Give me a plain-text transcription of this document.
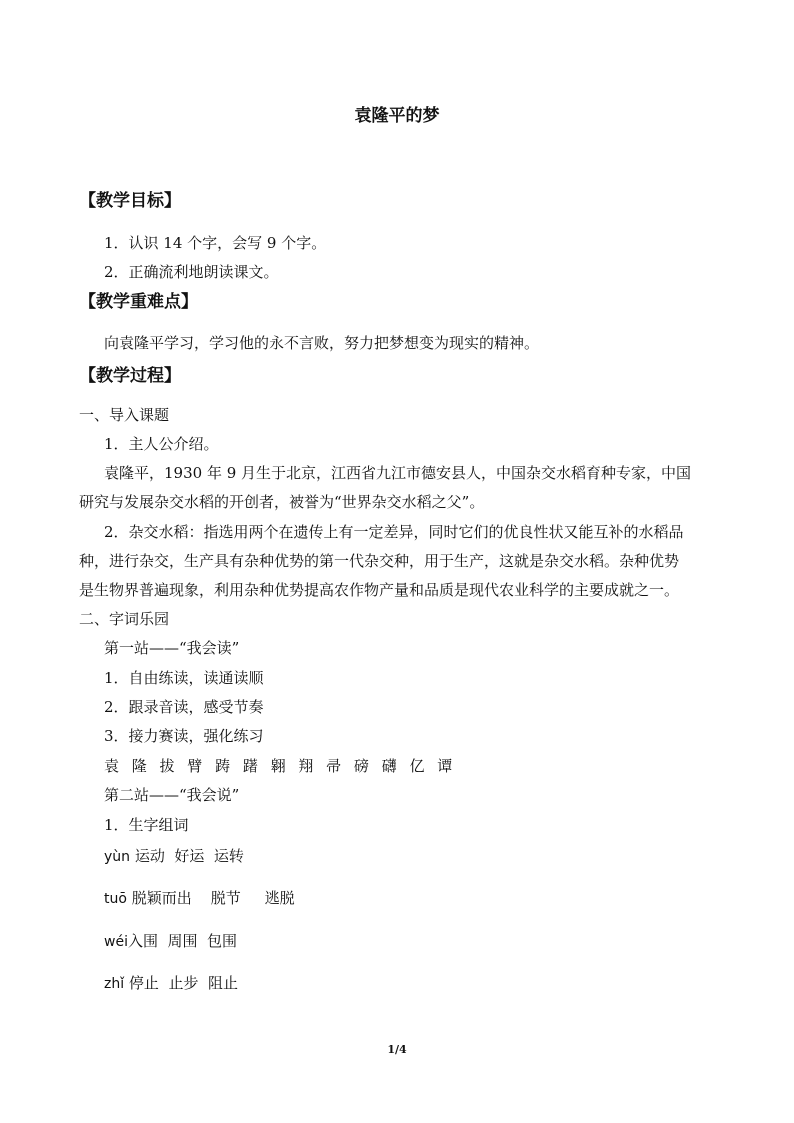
袁隆平的梦
【教学目标】
1．认识 14 个字，会写 9 个字。
2．正确流利地朗读课文。
【教学重难点】
向袁隆平学习，学习他的永不言败，努力把梦想变为现实的精神。
【教学过程】
一、导入课题
1．主人公介绍。
袁隆平，1930 年 9 月生于北京，江西省九江市德安县人，中国杂交水稻育种专家，中国
研究与发展杂交水稻的开创者，被誉为“世界杂交水稻之父”。
2．杂交水稻：指选用两个在遗传上有一定差异，同时它们的优良性状又能互补的水稻品
种，进行杂交，生产具有杂种优势的第一代杂交种，用于生产，这就是杂交水稻。杂种优势
是生物界普遍现象，利用杂种优势提高农作物产量和品质是现代农业科学的主要成就之一。
二、字词乐园
第一站——“我会读”
1．自由练读，读通读顺
2．跟录音读，感受节奏
3．接力赛读，强化练习
袁 隆 拔 臂 踌 躇 翱 翔 帚 磅 礴 亿 谭
第二站——“我会说”
1．生字组词
yùn 运动  好运  运转
tuō 脱颖而出    脱节     逃脱
wéi入围  周围  包围
zhǐ 停止  止步  阻止
1/4
